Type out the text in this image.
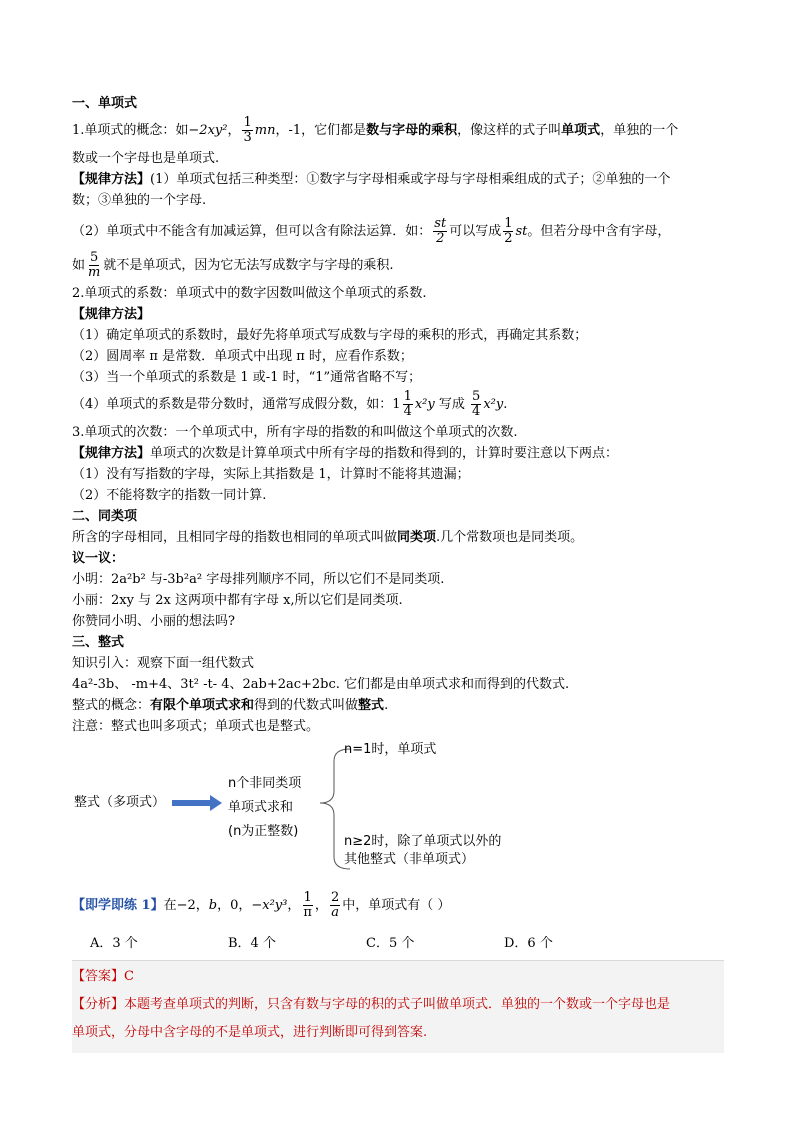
一、单项式
1.单项式的概念：如−2xy²， $\frac{1}{3}$ mn，-1，它们都是数与字母的乘积，像这样的式子叫单项式，单独的一个
数或一个字母也是单项式.
【规律方法】(1）单项式包括三种类型：①数字与字母相乘或字母与字母相乘组成的式子；②单独的一个
数；③单独的一个字母.
（2）单项式中不能含有加减运算，但可以含有除法运算．如： $\frac{st}{2}$ 可以写成 $\frac{1}{2}$ st。但若分母中含有字母，
如 $\frac{5}{m}$ 就不是单项式，因为它无法写成数字与字母的乘积.
2.单项式的系数：单项式中的数字因数叫做这个单项式的系数.
【规律方法】
（1）确定单项式的系数时，最好先将单项式写成数与字母的乘积的形式，再确定其系数；
（2）圆周率 π 是常数．单项式中出现 π 时，应看作系数；
（3）当一个单项式的系数是 1 或-1 时，“1”通常省略不写；
（4）单项式的系数是带分数时，通常写成假分数，如：$1 \frac{1}{4} x^2y$ 写成 $\frac{5}{4} x^2y$.
3.单项式的次数：一个单项式中，所有字母的指数的和叫做这个单项式的次数.
【规律方法】单项式的次数是计算单项式中所有字母的指数和得到的，计算时要注意以下两点：
（1）没有写指数的字母，实际上其指数是 1，计算时不能将其遗漏；
（2）不能将数字的指数一同计算.
二、同类项
所含的字母相同，且相同字母的指数也相同的单项式叫做同类项.几个常数项也是同类项。
议一议：
小明：2a²b² 与-3b²a² 字母排列顺序不同，所以它们不是同类项.
小丽：2xy 与 2x 这两项中都有字母 x,所以它们是同类项.
你赞同小明、小丽的想法吗?
三、整式
知识引入：观察下面一组代数式
4a²-3b、 -m+4、3t² -t- 4、2ab+2ac+2bc. 它们都是由单项式求和而得到的代数式.
整式的概念：有限个单项式求和得到的代数式叫做整式.
注意：整式也叫多项式；单项式也是整式。
整式（多项式）
n个非同类项
单项式求和
(n为正整数)
n=1时，单项式
n≥2时，除了单项式以外的
其他整式（非单项式）
【即学即练 1】在−2，b，0，−x²y³， $\frac{1}{\pi}$ ， $\frac{2}{a}$ 中，单项式有（ ）
A．3 个	B．4 个	C．5 个	D．6 个
【答案】C
【分析】本题考查单项式的判断，只含有数与字母的积的式子叫做单项式．单独的一个数或一个字母也是
单项式，分母中含字母的不是单项式，进行判断即可得到答案.
